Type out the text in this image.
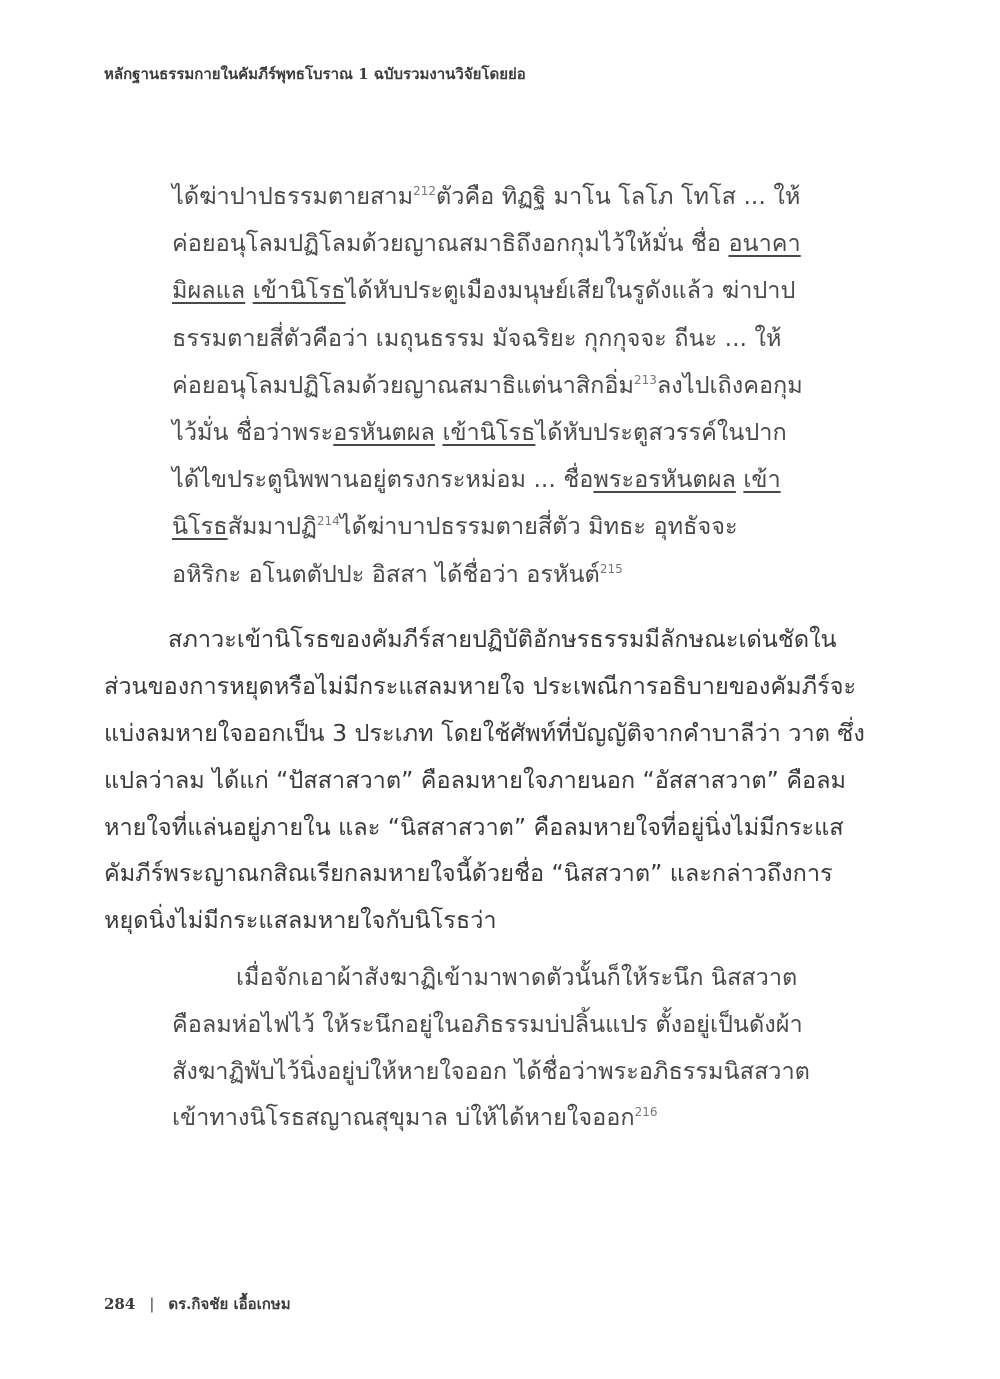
หลักฐานธรรมกายในคัมภีร์พุทธโบราณ 1 ฉบับรวมงานวิจัยโดยย่อ
ได้ฆ่าปาปธรรมตายสาม$^{212}$ตัวคือ ทิฏฐิ มาโน โลโภ โทโส ... ให้
ค่อยอนุโลมปฏิโลมด้วยญาณสมาธิถึงอกกุมไว้ให้มั่น ชื่อ อนาคา
มิผลแล เข้านิโรธได้หับประตูเมืองมนุษย์เสียในรูดังแล้ว ฆ่าปาป
ธรรมตายสี่ตัวคือว่า เมถุนธรรม มัจฉริยะ กุกกุจจะ ถีนะ ... ให้
ค่อยอนุโลมปฏิโลมด้วยญาณสมาธิแต่นาสิกอิ่ม$^{213}$ลงไปเถิงคอกุม
ไว้มั่น ชื่อว่าพระอรหันตผล เข้านิโรธได้หับประตูสวรรค์ในปาก
ได้ไขประตูนิพพานอยู่ตรงกระหม่อม ... ชื่อพระอรหันตผล เข้า
นิโรธสัมมาปฏิ$^{214}$ได้ฆ่าบาปธรรมตายสี่ตัว มิทธะ อุทธัจจะ
อหิริกะ อโนตตัปปะ อิสสา ได้ชื่อว่า อรหันต์$^{215}$
สภาวะเข้านิโรธของคัมภีร์สายปฏิบัติอักษรธรรมมีลักษณะเด่นชัดใน
ส่วนของการหยุดหรือไม่มีกระแสลมหายใจ ประเพณีการอธิบายของคัมภีร์จะ
แบ่งลมหายใจออกเป็น 3 ประเภท โดยใช้ศัพท์ที่บัญญัติจากคำบาลีว่า วาต ซึ่ง
แปลว่าลม ได้แก่ “ปัสสาสวาต” คือลมหายใจภายนอก “อัสสาสวาต” คือลม
หายใจที่แล่นอยู่ภายใน และ “นิสสาสวาต” คือลมหายใจที่อยู่นิ่งไม่มีกระแส
คัมภีร์พระญาณกสิณเรียกลมหายใจนี้ด้วยชื่อ “นิสสวาต” และกล่าวถึงการ
หยุดนิ่งไม่มีกระแสลมหายใจกับนิโรธว่า
เมื่อจักเอาผ้าสังฆาฏิเข้ามาพาดตัวนั้นก็ให้ระนึก นิสสวาต
คือลมห่อไฟไว้ ให้ระนึกอยู่ในอภิธรรมบ่ปลิ้นแปร ตั้งอยู่เป็นดังผ้า
สังฆาฏิพับไว้นิ่งอยู่บ่ให้หายใจออก ได้ชื่อว่าพระอภิธรรมนิสสวาต
เข้าทางนิโรธสญาณสุขุมาล บ่ให้ได้หายใจออก$^{216}$
284 | ดร.กิจชัย เอื้อเกษม
